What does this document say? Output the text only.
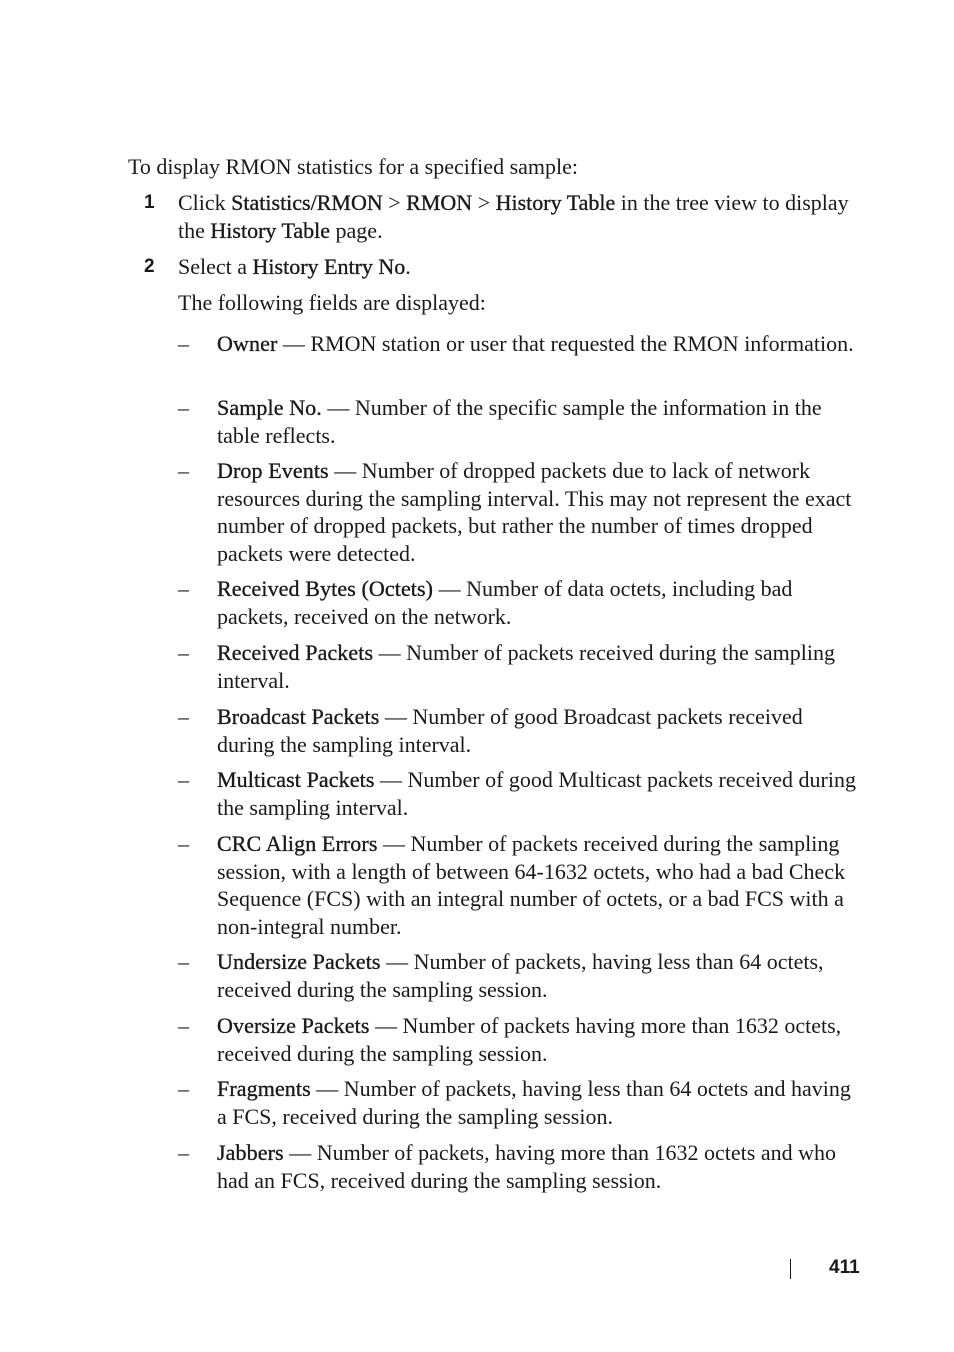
To display RMON statistics for a specified sample:

1 Click Statistics/RMON > RMON > History Table in the tree view to display the History Table page.

2 Select a History Entry No.

The following fields are displayed:

– Owner — RMON station or user that requested the RMON information.
– Sample No. — Number of the specific sample the information in the table reflects.
– Drop Events — Number of dropped packets due to lack of network resources during the sampling interval. This may not represent the exact number of dropped packets, but rather the number of times dropped packets were detected.
– Received Bytes (Octets) — Number of data octets, including bad packets, received on the network.
– Received Packets — Number of packets received during the sampling interval.
– Broadcast Packets — Number of good Broadcast packets received during the sampling interval.
– Multicast Packets — Number of good Multicast packets received during the sampling interval.
– CRC Align Errors — Number of packets received during the sampling session, with a length of between 64-1632 octets, who had a bad Check Sequence (FCS) with an integral number of octets, or a bad FCS with a non-integral number.
– Undersize Packets — Number of packets, having less than 64 octets, received during the sampling session.
– Oversize Packets — Number of packets having more than 1632 octets, received during the sampling session.
– Fragments — Number of packets, having less than 64 octets and having a FCS, received during the sampling session.
– Jabbers — Number of packets, having more than 1632 octets and who had an FCS, received during the sampling session.
411
